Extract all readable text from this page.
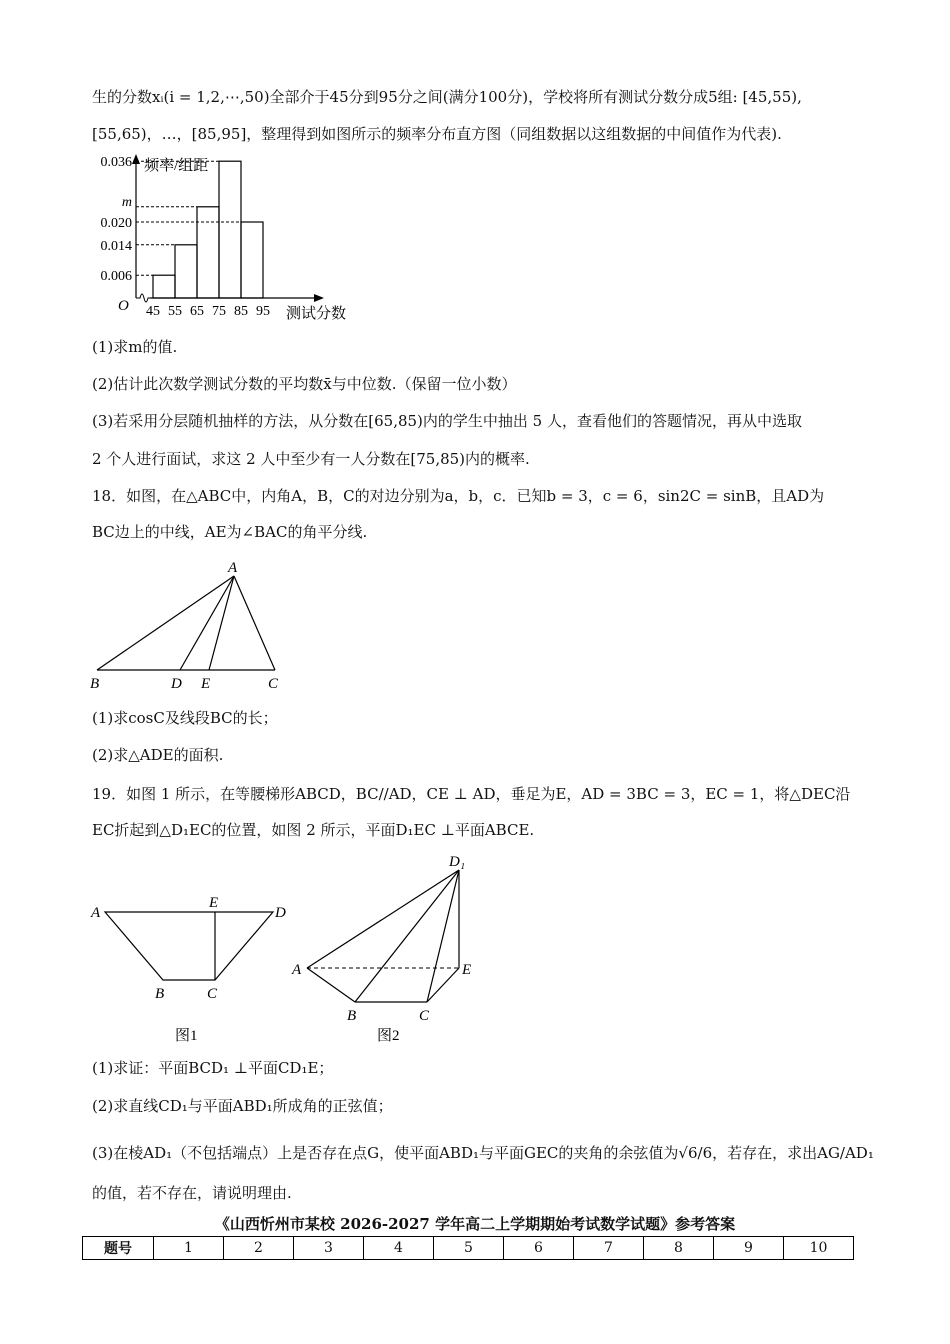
生的分数xᵢ(i = 1,2,⋯,50)全部介于45分到95分之间(满分100分)，学校将所有测试分数分成5组: [45,55),
[55,65)，…，[85,95]，整理得到如图所示的频率分布直方图（同组数据以这组数据的中间值作为代表).
O
频率/组距
测试分数
0.036
m
0.020
0.014
0.006
45 55 65 75 85 95
(1)求m的值.
(2)估计此次数学测试分数的平均数x̄与中位数.（保留一位小数）
(3)若采用分层随机抽样的方法，从分数在[65,85)内的学生中抽出 5 人，查看他们的答题情况，再从中选取
2 个人进行面试，求这 2 人中至少有一人分数在[75,85)内的概率.
18．如图，在△ABC中，内角A，B，C的对边分别为a，b，c．已知b = 3，c = 6，sin2C = sinB，且AD为
BC边上的中线，AE为∠BAC的角平分线.
A
B	D E	C
(1)求cosC及线段BC的长；
(2)求△ADE的面积.
19．如图 1 所示，在等腰梯形ABCD，BC//AD，CE ⊥ AD，垂足为E，AD = 3BC = 3，EC = 1，将△DEC沿
EC折起到△D₁EC的位置，如图 2 所示，平面D₁EC ⊥平面ABCE.
A
E
D
B	C
图1
D₁
A	E
B	C
图2
(1)求证：平面BCD₁ ⊥平面CD₁E；
(2)求直线CD₁与平面ABD₁所成角的正弦值；
(3)在棱AD₁（不包括端点）上是否存在点G，使平面ABD₁与平面GEC的夹角的余弦值为√6/6，若存在，求出AG/AD₁
的值，若不存在，请说明理由.
《山西忻州市某校 2026-2027 学年高二上学期期始考试数学试题》参考答案
题号	1	2	3	4	5	6	7	8	9	10
